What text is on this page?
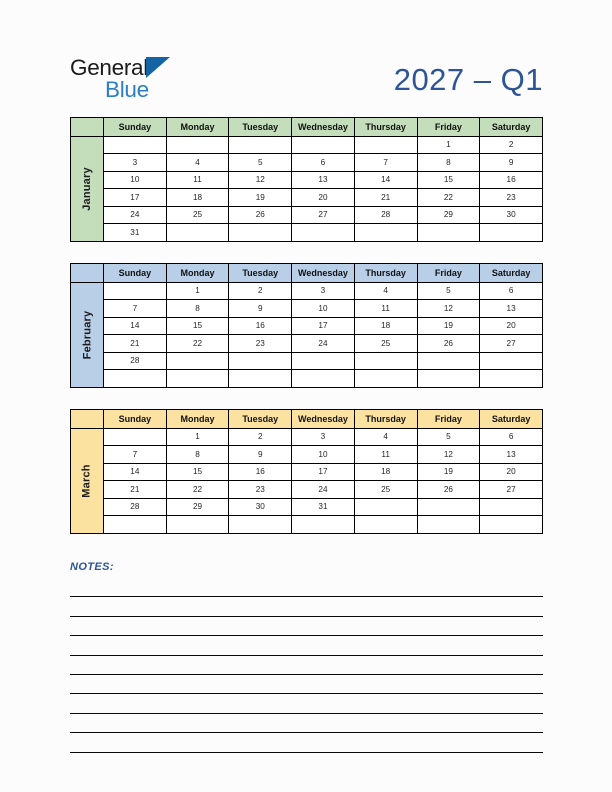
General
Blue	2027 – Q1
	Sunday	Monday	Tuesday	Wednesday	Thursday	Friday	Saturday

January						1	2
	3	4	5	6	7	8	9
	10	11	12	13	14	15	16
	17	18	19	20	21	22	23
	24	25	26	27	28	29	30
	31						
	Sunday	Monday	Tuesday	Wednesday	Thursday	Friday	Saturday

February		1	2	3	4	5	6
	7	8	9	10	11	12	13
	14	15	16	17	18	19	20
	21	22	23	24	25	26	27
	28						

	Sunday	Monday	Tuesday	Wednesday	Thursday	Friday	Saturday

March		1	2	3	4	5	6
	7	8	9	10	11	12	13
	14	15	16	17	18	19	20
	21	22	23	24	25	26	27
	28	29	30	31			

NOTES:
